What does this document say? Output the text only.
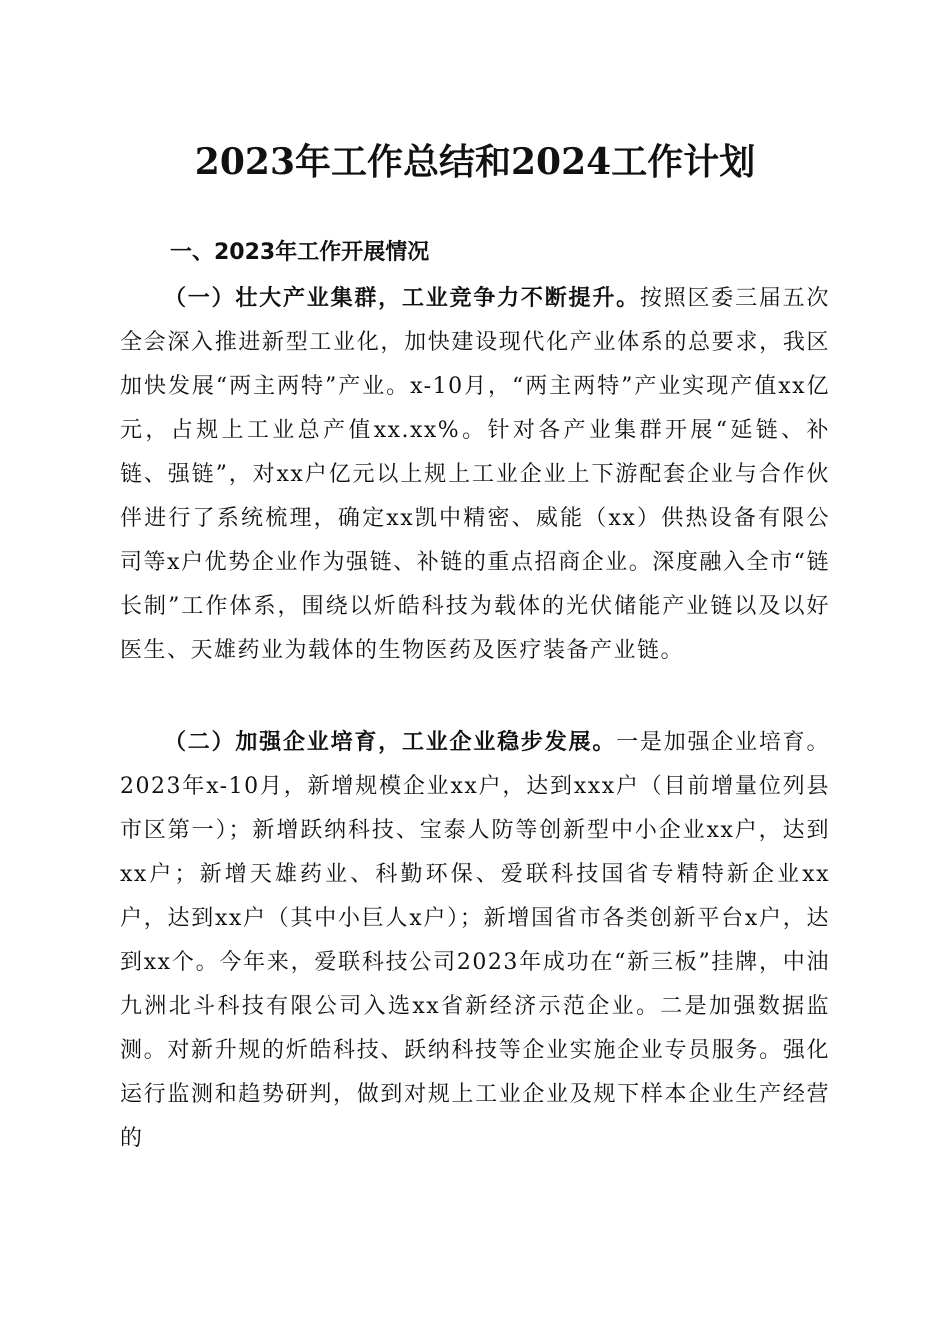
2023年工作总结和2024工作计划
一、2023年工作开展情况

（一）壮大产业集群，工业竞争力不断提升。按照区委三届五次全会深入推进新型工业化，加快建设现代化产业体系的总要求，我区加快发展“两主两特”产业。x-10月，“两主两特”产业实现产值xx亿元，占规上工业总产值xx.xx%。针对各产业集群开展“延链、补链、强链”，对xx户亿元以上规上工业企业上下游配套企业与合作伙伴进行了系统梳理，确定xx凯中精密、威能（xx）供热设备有限公司等x户优势企业作为强链、补链的重点招商企业。深度融入全市“链长制”工作体系，围绕以炘皓科技为载体的光伏储能产业链以及以好医生、天雄药业为载体的生物医药及医疗装备产业链。

（二）加强企业培育，工业企业稳步发展。一是加强企业培育。2023年x-10月，新增规模企业xx户，达到xxx户（目前增量位列县市区第一）；新增跃纳科技、宝泰人防等创新型中小企业xx户，达到xx户；新增天雄药业、科勤环保、爱联科技国省专精特新企业xx户，达到xx户（其中小巨人x户）；新增国省市各类创新平台x户，达到xx个。今年来，爱联科技公司2023年成功在“新三板”挂牌，中油九洲北斗科技有限公司入选xx省新经济示范企业。二是加强数据监测。对新升规的炘皓科技、跃纳科技等企业实施企业专员服务。强化运行监测和趋势研判，做到对规上工业企业及规下样本企业生产经营的
